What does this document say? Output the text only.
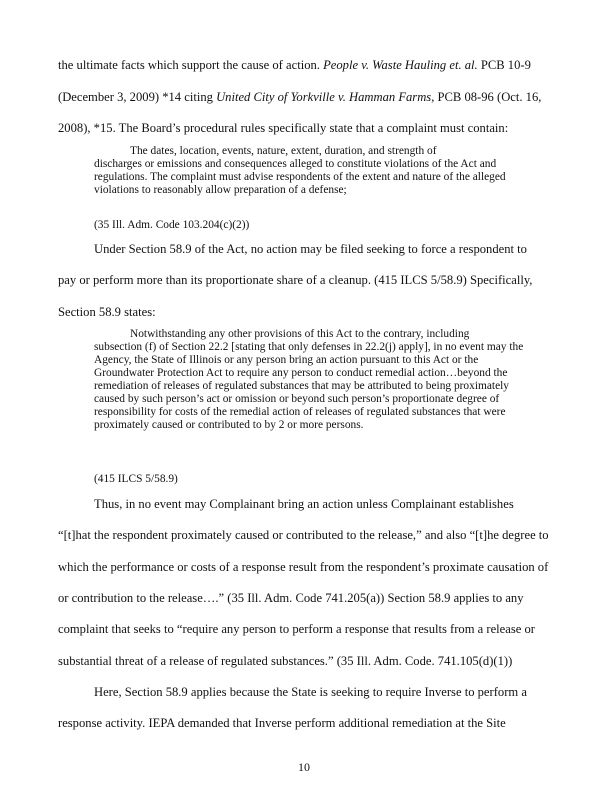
the ultimate facts which support the cause of action. People v. Waste Hauling et. al. PCB 10-9
(December 3, 2009) *14 citing United City of Yorkville v. Hamman Farms, PCB 08-96 (Oct. 16,
2008), *15. The Board’s procedural rules specifically state that a complaint must contain:
The dates, location, events, nature, extent, duration, and strength of
discharges or emissions and consequences alleged to constitute violations of the Act and regulations. The complaint must advise respondents of the extent and nature of the alleged violations to reasonably allow preparation of a defense;
(35 Ill. Adm. Code 103.204(c)(2))
Under Section 58.9 of the Act, no action may be filed seeking to force a respondent to
pay or perform more than its proportionate share of a cleanup. (415 ILCS 5/58.9) Specifically,
Section 58.9 states:
Notwithstanding any other provisions of this Act to the contrary, including
subsection (f) of Section 22.2 [stating that only defenses in 22.2(j) apply], in no event may the Agency, the State of Illinois or any person bring an action pursuant to this Act or the Groundwater Protection Act to require any person to conduct remedial action…beyond the remediation of releases of regulated substances that may be attributed to being proximately caused by such person’s act or omission or beyond such person’s proportionate degree of responsibility for costs of the remedial action of releases of regulated substances that were proximately caused or contributed to by 2 or more persons.
(415 ILCS 5/58.9)
Thus, in no event may Complainant bring an action unless Complainant establishes
“[t]hat the respondent proximately caused or contributed to the release,” and also “[t]he degree to
which the performance or costs of a response result from the respondent’s proximate causation of
or contribution to the release….” (35 Ill. Adm. Code 741.205(a)) Section 58.9 applies to any
complaint that seeks to “require any person to perform a response that results from a release or
substantial threat of a release of regulated substances.” (35 Ill. Adm. Code. 741.105(d)(1))
Here, Section 58.9 applies because the State is seeking to require Inverse to perform a
response activity. IEPA demanded that Inverse perform additional remediation at the Site
10
